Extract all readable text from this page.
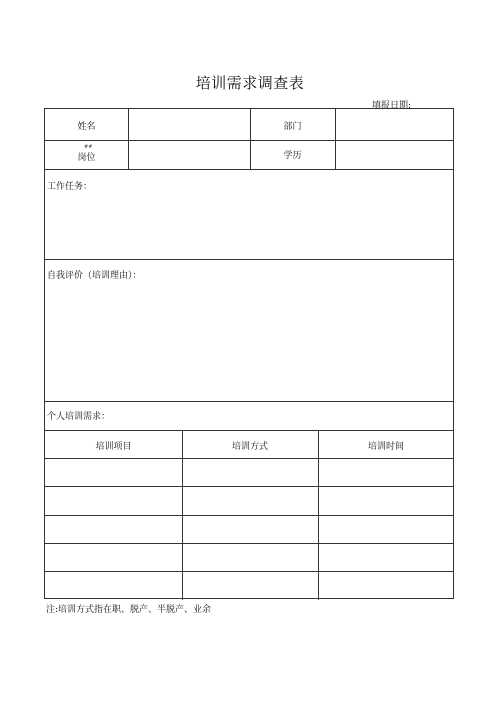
培训需求调查表
填报日期:
姓名	部门
##
岗位	学历
工作任务：
自我评价（培训理由）：
个人培训需求：
培训项目	培训方式	培训时间
注:培训方式指在职、脱产、半脱产、业余
